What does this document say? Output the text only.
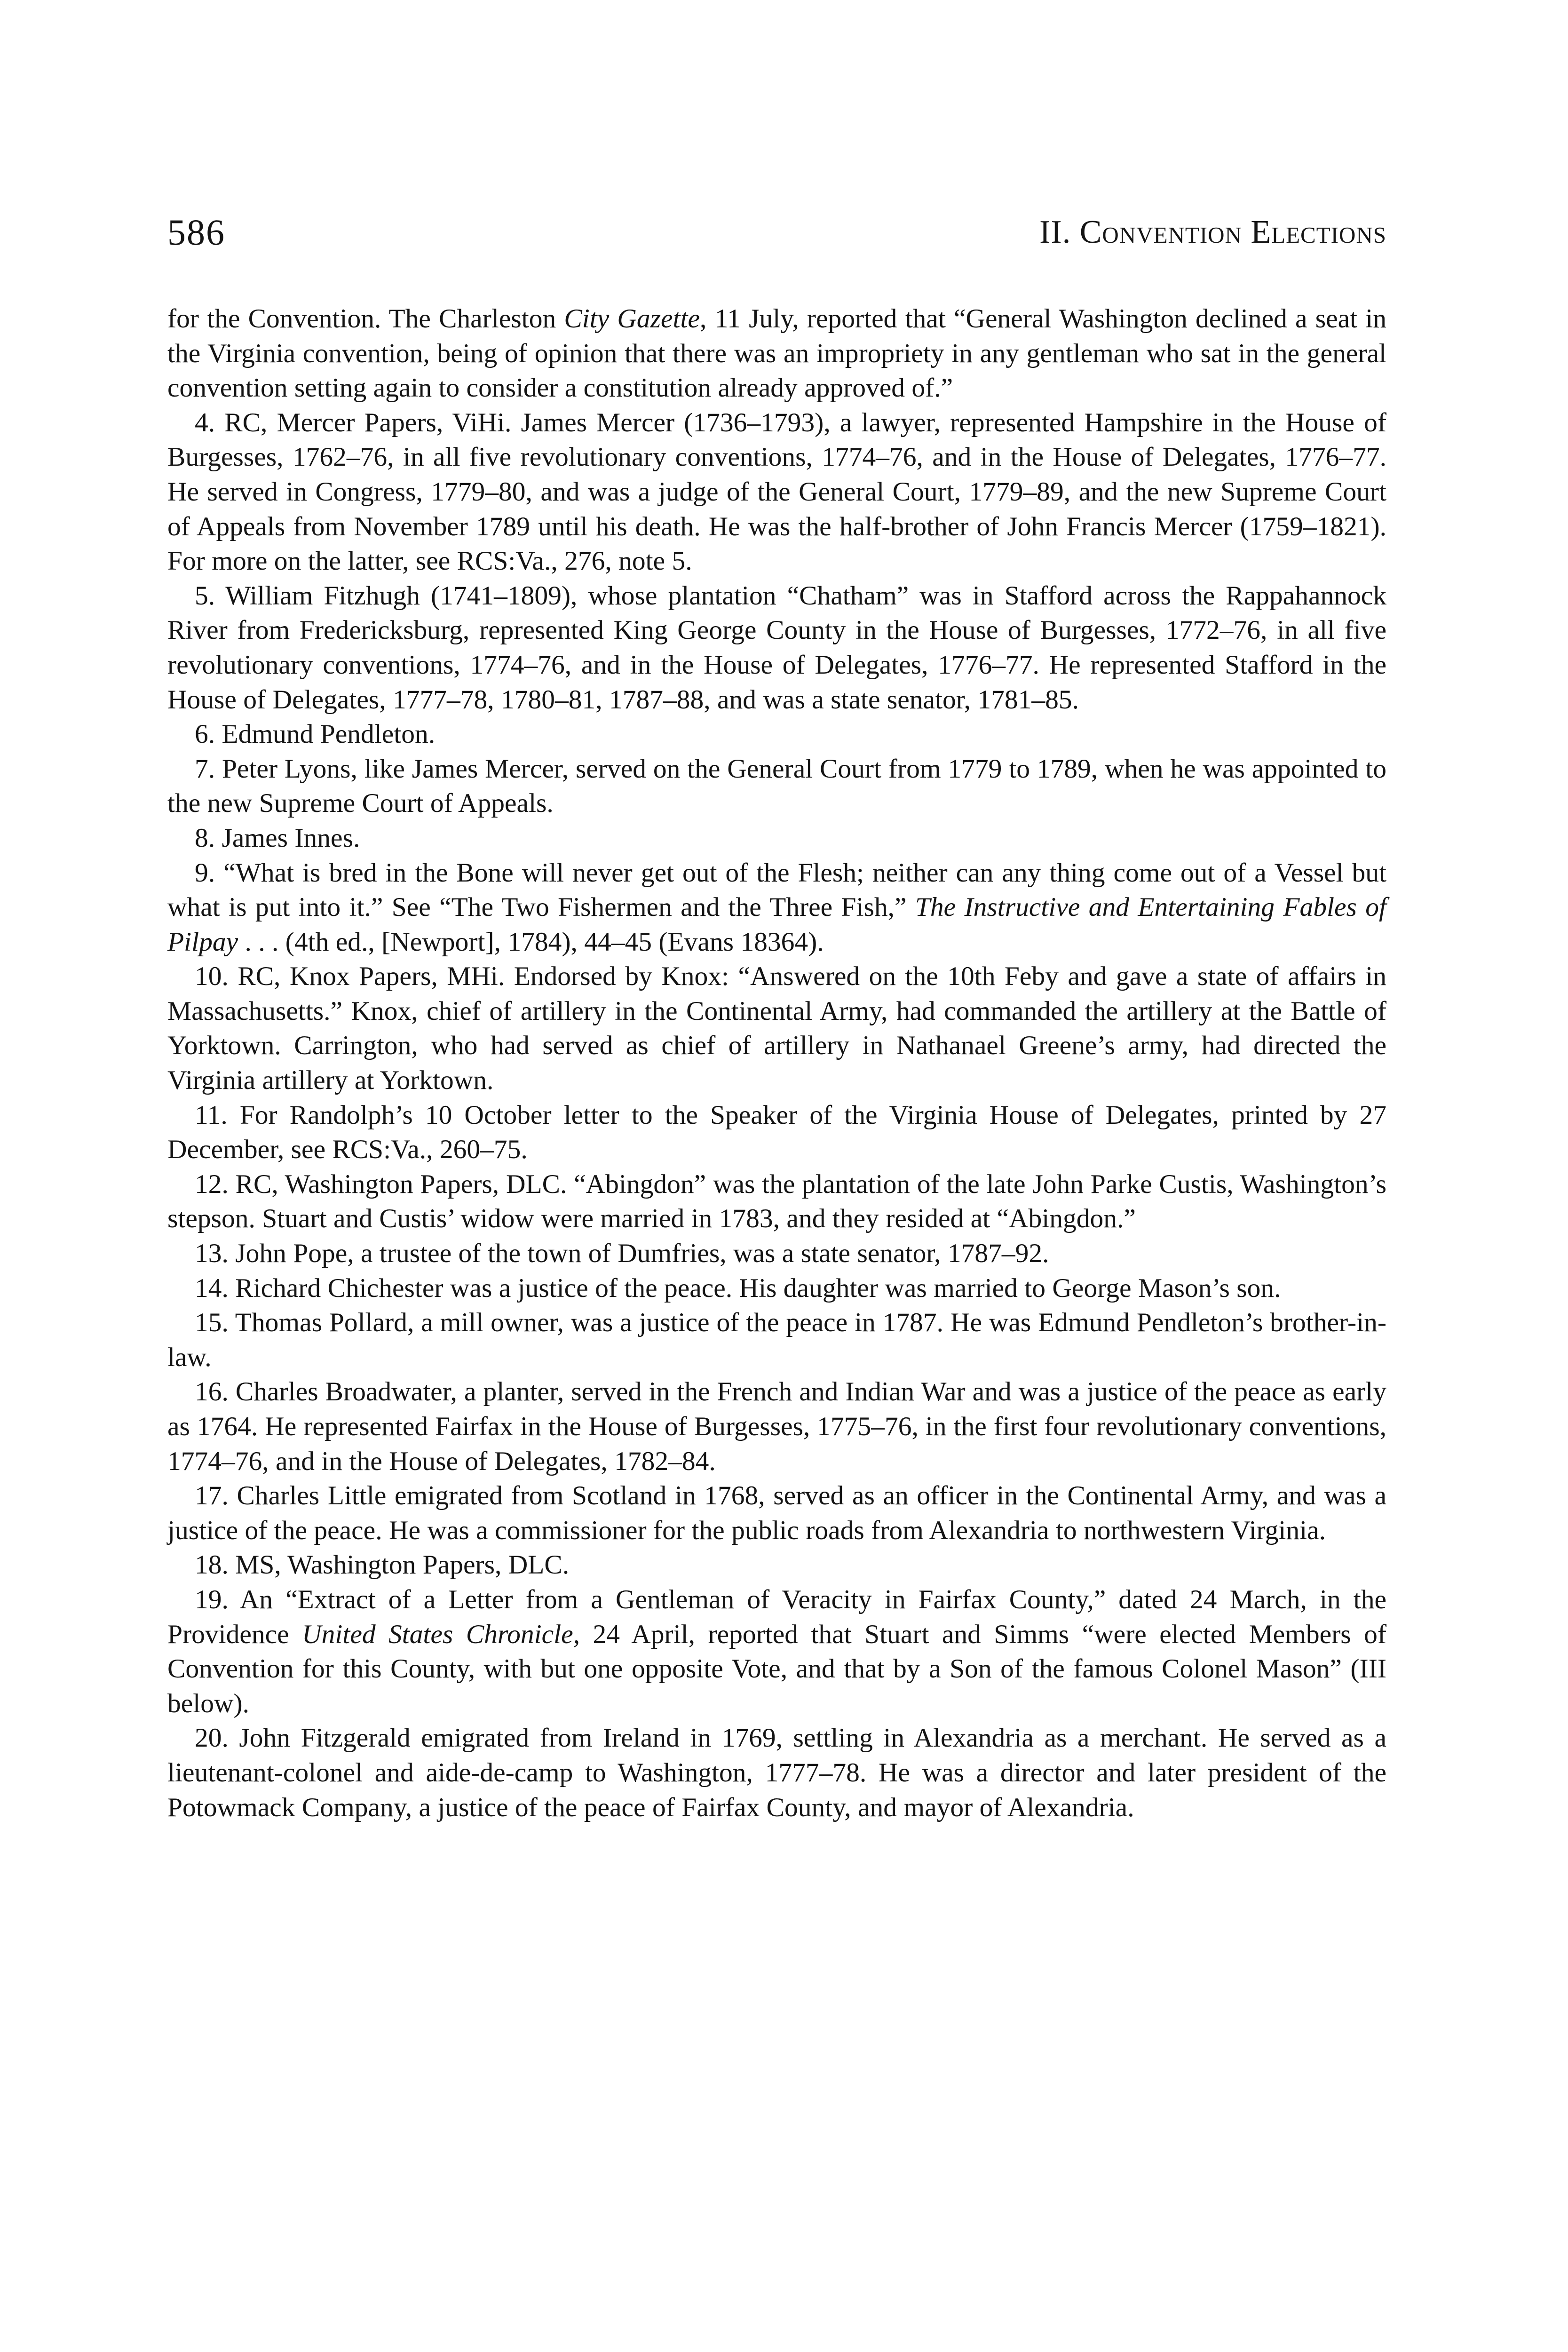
586	II. Convention Elections

for the Convention. The Charleston City Gazette, 11 July, reported that “General Washington declined a seat in the Virginia convention, being of opinion that there was an impropriety in any gentleman who sat in the general convention setting again to consider a constitution already approved of.”

4. RC, Mercer Papers, ViHi. James Mercer (1736–1793), a lawyer, represented Hampshire in the House of Burgesses, 1762–76, in all five revolutionary conventions, 1774–76, and in the House of Delegates, 1776–77. He served in Congress, 1779–80, and was a judge of the General Court, 1779–89, and the new Supreme Court of Appeals from November 1789 until his death. He was the half-brother of John Francis Mercer (1759–1821). For more on the latter, see RCS:Va., 276, note 5.

5. William Fitzhugh (1741–1809), whose plantation “Chatham” was in Stafford across the Rappahannock River from Fredericksburg, represented King George County in the House of Burgesses, 1772–76, in all five revolutionary conventions, 1774–76, and in the House of Delegates, 1776–77. He represented Stafford in the House of Delegates, 1777–78, 1780–81, 1787–88, and was a state senator, 1781–85.

6. Edmund Pendleton.

7. Peter Lyons, like James Mercer, served on the General Court from 1779 to 1789, when he was appointed to the new Supreme Court of Appeals.

8. James Innes.

9. “What is bred in the Bone will never get out of the Flesh; neither can any thing come out of a Vessel but what is put into it.” See “The Two Fishermen and the Three Fish,” The Instructive and Entertaining Fables of Pilpay . . . (4th ed., [Newport], 1784), 44–45 (Evans 18364).

10. RC, Knox Papers, MHi. Endorsed by Knox: “Answered on the 10th Feby and gave a state of affairs in Massachusetts.” Knox, chief of artillery in the Continental Army, had commanded the artillery at the Battle of Yorktown. Carrington, who had served as chief of artillery in Nathanael Greene’s army, had directed the Virginia artillery at Yorktown.

11. For Randolph’s 10 October letter to the Speaker of the Virginia House of Delegates, printed by 27 December, see RCS:Va., 260–75.

12. RC, Washington Papers, DLC. “Abingdon” was the plantation of the late John Parke Custis, Washington’s stepson. Stuart and Custis’ widow were married in 1783, and they resided at “Abingdon.”

13. John Pope, a trustee of the town of Dumfries, was a state senator, 1787–92.

14. Richard Chichester was a justice of the peace. His daughter was married to George Mason’s son.

15. Thomas Pollard, a mill owner, was a justice of the peace in 1787. He was Edmund Pendleton’s brother-in-law.

16. Charles Broadwater, a planter, served in the French and Indian War and was a justice of the peace as early as 1764. He represented Fairfax in the House of Burgesses, 1775–76, in the first four revolutionary conventions, 1774–76, and in the House of Delegates, 1782–84.

17. Charles Little emigrated from Scotland in 1768, served as an officer in the Continental Army, and was a justice of the peace. He was a commissioner for the public roads from Alexandria to northwestern Virginia.

18. MS, Washington Papers, DLC.

19. An “Extract of a Letter from a Gentleman of Veracity in Fairfax County,” dated 24 March, in the Providence United States Chronicle, 24 April, reported that Stuart and Simms “were elected Members of Convention for this County, with but one opposite Vote, and that by a Son of the famous Colonel Mason” (III below).

20. John Fitzgerald emigrated from Ireland in 1769, settling in Alexandria as a merchant. He served as a lieutenant-colonel and aide-de-camp to Washington, 1777–78. He was a director and later president of the Potowmack Company, a justice of the peace of Fairfax County, and mayor of Alexandria.
